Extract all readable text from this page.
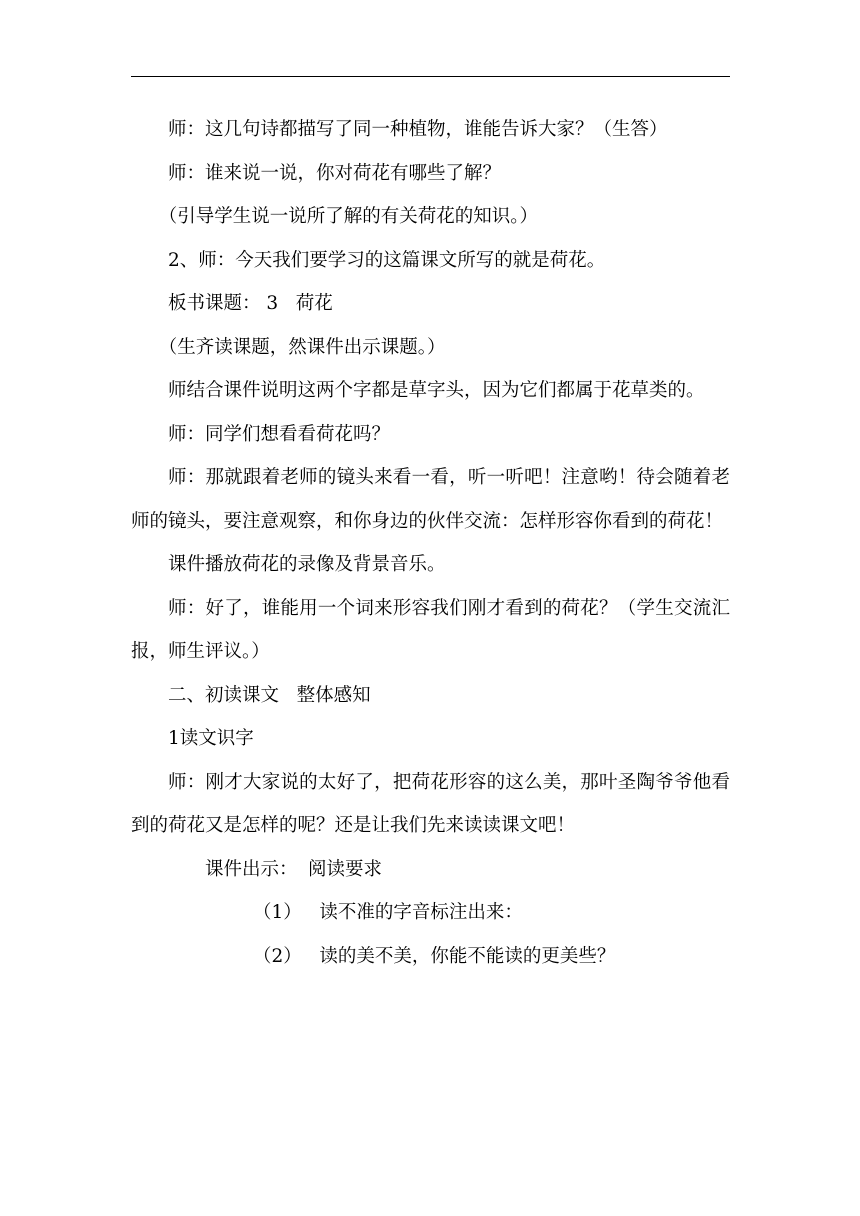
师：这几句诗都描写了同一种植物，谁能告诉大家？（生答）

师：谁来说一说，你对荷花有哪些了解？

（引导学生说一说所了解的有关荷花的知识。）

2、师：今天我们要学习的这篇课文所写的就是荷花。

板书课题： 3   荷花

（生齐读课题，然课件出示课题。）

师结合课件说明这两个字都是草字头，因为它们都属于花草类的。

师：同学们想看看荷花吗？

师：那就跟着老师的镜头来看一看，听一听吧！注意哟！待会随着老师的镜头，要注意观察，和你身边的伙伴交流：怎样形容你看到的荷花！

课件播放荷花的录像及背景音乐。

师：好了，谁能用一个词来形容我们刚才看到的荷花？（学生交流汇报，师生评议。）

二、初读课文   整体感知

1读文识字

师：刚才大家说的太好了，把荷花形容的这么美，那叶圣陶爷爷他看到的荷花又是怎样的呢？还是让我们先来读读课文吧！

课件出示： 阅读要求

（1）   读不准的字音标注出来：

（2）   读的美不美，你能不能读的更美些？
